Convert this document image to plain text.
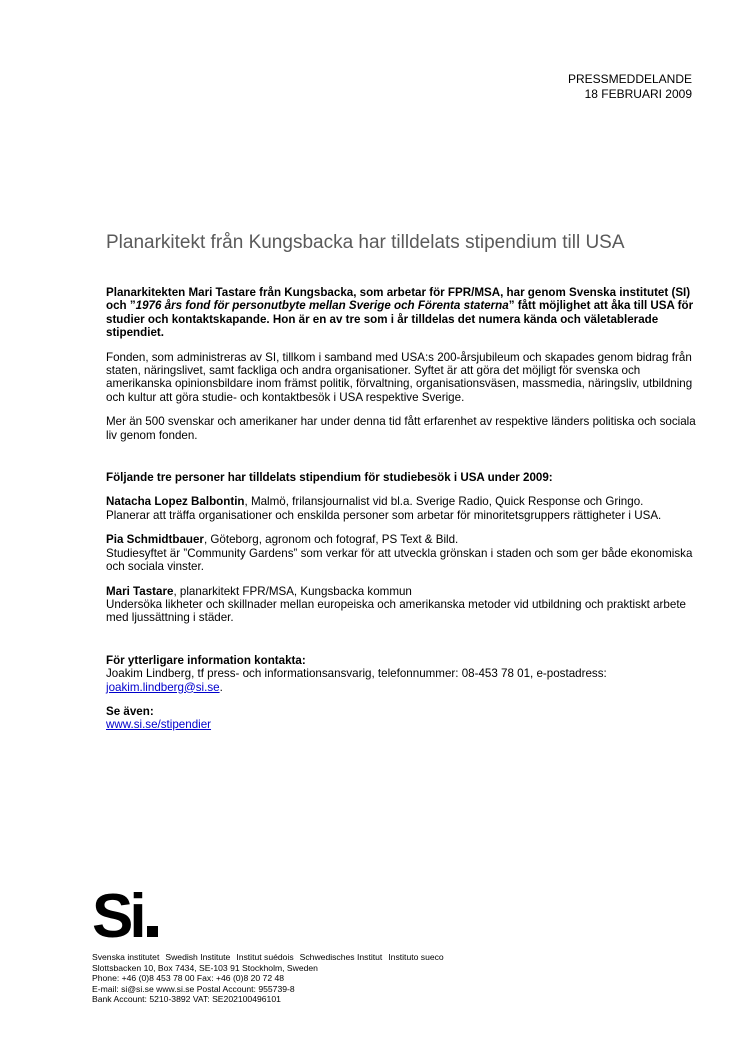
PRESSMEDDELANDE
18 FEBRUARI 2009
Planarkitekt från Kungsbacka har tilldelats stipendium till USA

Planarkitekten Mari Tastare från Kungsbacka, som arbetar för FPR/MSA, har genom Svenska institutet (SI) och ”1976 års fond för personutbyte mellan Sverige och Förenta staterna” fått möjlighet att åka till USA för studier och kontaktskapande. Hon är en av tre som i år tilldelas det numera kända och väletablerade stipendiet.

Fonden, som administreras av SI, tillkom i samband med USA:s 200-årsjubileum och skapades genom bidrag från staten, näringslivet, samt fackliga och andra organisationer. Syftet är att göra det möjligt för svenska och amerikanska opinionsbildare inom främst politik, förvaltning, organisationsväsen, massmedia, näringsliv, utbildning och kultur att göra studie- och kontaktbesök i USA respektive Sverige.

Mer än 500 svenskar och amerikaner har under denna tid fått erfarenhet av respektive länders politiska och sociala liv genom fonden.

Följande tre personer har tilldelats stipendium för studiebesök i USA under 2009:

Natacha Lopez Balbontin, Malmö, frilansjournalist vid bl.a. Sverige Radio, Quick Response och Gringo.
Planerar att träffa organisationer och enskilda personer som arbetar för minoritetsgruppers rättigheter i USA.

Pia Schmidtbauer, Göteborg, agronom och fotograf, PS Text & Bild.
Studiesyftet är ”Community Gardens” som verkar för att utveckla grönskan i staden och som ger både ekonomiska och sociala vinster.

Mari Tastare, planarkitekt FPR/MSA, Kungsbacka kommun
Undersöka likheter och skillnader mellan europeiska och amerikanska metoder vid utbildning och praktiskt arbete med ljussättning i städer.

För ytterligare information kontakta:
Joakim Lindberg, tf press- och informationsansvarig, telefonnummer: 08-453 78 01, e-postadress:
joakim.lindberg@si.se.

Se även:
www.si.se/stipendier

Si
Svenska institutet Swedish Institute Institut suédois Schwedisches Institut Instituto sueco
Slottsbacken 10, Box 7434, SE-103 91 Stockholm, Sweden
Phone: +46 (0)8 453 78 00 Fax: +46 (0)8 20 72 48
E-mail: si@si.se www.si.se Postal Account: 955739-8
Bank Account: 5210-3892 VAT: SE202100496101
